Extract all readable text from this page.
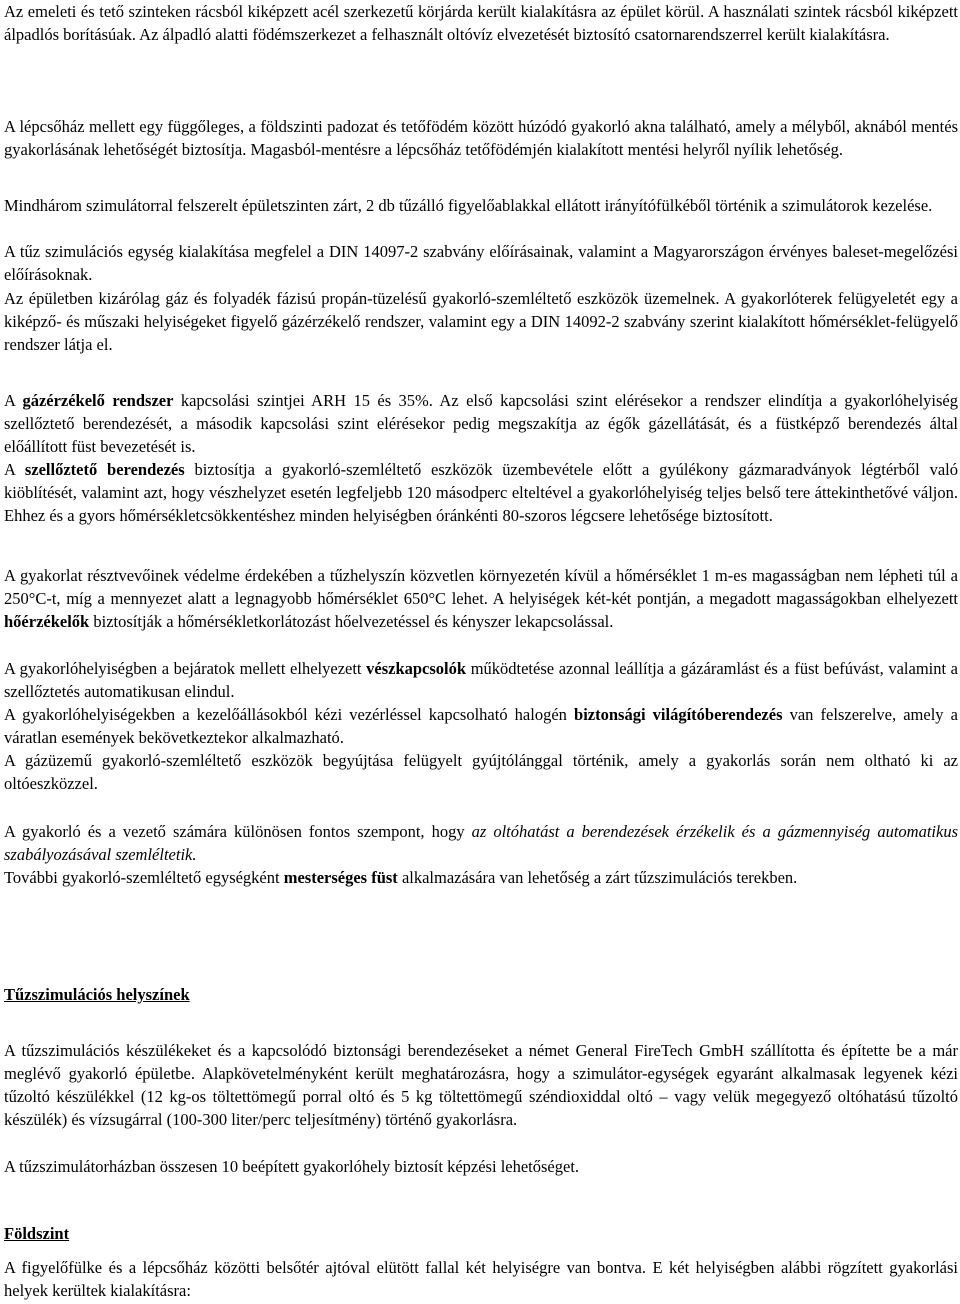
Az emeleti és tető szinteken rácsból kiképzett acél szerkezetű körjárda került kialakításra az épület körül. A használati szintek rácsból kiképzett álpadlós borításúak. Az álpadló alatti födémszerkezet a felhasznált oltóvíz elvezetését biztosító csatornarendszerrel került kialakításra.

A lépcsőház mellett egy függőleges, a földszinti padozat és tetőfödém között húzódó gyakorló akna található, amely a mélyből, aknából mentés gyakorlásának lehetőségét biztosítja. Magasból-mentésre a lépcsőház tetőfödémjén kialakított mentési helyről nyílik lehetőség.

Mindhárom szimulátorral felszerelt épületszinten zárt, 2 db tűzálló figyelőablakkal ellátott irányítófülkéből történik a szimulátorok kezelése.

A tűz szimulációs egység kialakítása megfelel a DIN 14097-2 szabvány előírásainak, valamint a Magyarországon érvényes baleset-megelőzési előírásoknak.

Az épületben kizárólag gáz és folyadék fázisú propán-tüzelésű gyakorló-szemléltető eszközök üzemelnek. A gyakorlóterek felügyeletét egy a kiképző- és műszaki helyiségeket figyelő gázérzékelő rendszer, valamint egy a DIN 14092-2 szabvány szerint kialakított hőmérséklet-felügyelő rendszer látja el.

A gázérzékelő rendszer kapcsolási szintjei ARH 15 és 35%. Az első kapcsolási szint elérésekor a rendszer elindítja a gyakorlóhelyiség szellőztető berendezését, a második kapcsolási szint elérésekor pedig megszakítja az égők gázellátását, és a füstképző berendezés által előállított füst bevezetését is.

A szellőztető berendezés biztosítja a gyakorló-szemléltető eszközök üzembevétele előtt a gyúlékony gázmaradványok légtérből való kiöblítését, valamint azt, hogy vészhelyzet esetén legfeljebb 120 másodperc elteltével a gyakorlóhelyiség teljes belső tere áttekinthetővé váljon. Ehhez és a gyors hőmérsékletcsökkentéshez minden helyiségben óránkénti 80-szoros légcsere lehetősége biztosított.

A gyakorlat résztvevőinek védelme érdekében a tűzhelyszín közvetlen környezetén kívül a hőmérséklet 1 m-es magasságban nem lépheti túl a 250°C-t, míg a mennyezet alatt a legnagyobb hőmérséklet 650°C lehet. A helyiségek két-két pontján, a megadott magasságokban elhelyezett hőérzékelők biztosítják a hőmérsékletkorlátozást hőelvezetéssel és kényszer lekapcsolással.

A gyakorlóhelyiségben a bejáratok mellett elhelyezett vészkapcsolók működtetése azonnal leállítja a gázáramlást és a füst befúvást, valamint a szellőztetés automatikusan elindul.

A gyakorlóhelyiségekben a kezelőállásokból kézi vezérléssel kapcsolható halogén biztonsági világítóberendezés van felszerelve, amely a váratlan események bekövetkeztekor alkalmazható.

A gázüzemű gyakorló-szemléltető eszközök begyújtása felügyelt gyújtólánggal történik, amely a gyakorlás során nem oltható ki az oltóeszközzel.

A gyakorló és a vezető számára különösen fontos szempont, hogy az oltóhatást a berendezések érzékelik és a gázmennyiség automatikus szabályozásával szemléltetik.

További gyakorló-szemléltető egységként mesterséges füst alkalmazására van lehetőség a zárt tűzszimulációs terekben.

Tűzszimulációs helyszínek

A tűzszimulációs készülékeket és a kapcsolódó biztonsági berendezéseket a német General FireTech GmbH szállította és építette be a már meglévő gyakorló épületbe. Alapkövetelményként került meghatározásra, hogy a szimulátor-egységek egyaránt alkalmasak legyenek kézi tűzoltó készülékkel (12 kg-os töltettömegű porral oltó és 5 kg töltettömegű széndioxiddal oltó – vagy velük megegyező oltóhatású tűzoltó készülék) és vízsugárral (100-300 liter/perc teljesítmény) történő gyakorlásra.

A tűzszimulátorházban összesen 10 beépített gyakorlóhely biztosít képzési lehetőséget.

Földszint

A figyelőfülke és a lépcsőház közötti belsőtér ajtóval elütött fallal két helyiségre van bontva. E két helyiségben alábbi rögzített gyakorlási helyek kerültek kialakításra:
